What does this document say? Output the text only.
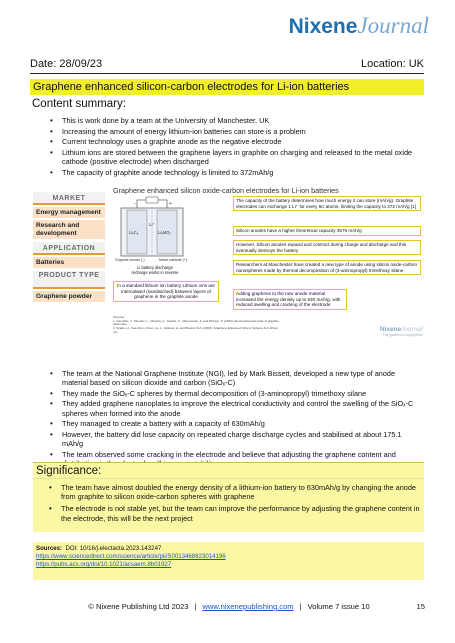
NixeneJournal
Date: 28/09/23	Location: UK
Graphene enhanced silicon-carbon electrodes for Li-ion batteries
Content summary:
• This is work done by a team at the University of Manchester, UK
• Increasing the amount of energy lithium-ion batteries can store is a problem
• Current technology uses a graphite anode as the negative electrode
• Lithium ions are stored between the graphene layers in graphite on charging and released to the metal oxide cathode (positive electrode) when discharged
• The capacity of graphite anode technology is limited to 372mAh/g
MARKET
Energy management
Research and development
APPLICATION
Batteries
PRODUCT TYPE
Graphene powder
Graphene enhanced silicon oxide-carbon electrodes for Li-ion batteries
-	+
Li⁺
LiₓC₆	LiₓMO₂
Graphite Anode (-)	Metal cathode (+)
Li battery discharge
recharge works in reverse
In a standard lithium ion battery Lithium ions are intercalated (sandwiched) between layers of graphene in the graphite anode
The capacity of the battery determines how much energy it can store (mAh/g). Graphite electrodes can exchange 1 Li⁺ for every 6C atoms, limiting the capacity to 372 mAh/g [1]
Silicon anodes have a higher theoretical capacity 3579 mAh/g
However, Silicon anodes expand and contract during charge and discharge and this eventually destroys the battery
Researchers at Manchester have created a new type of anode using silicon oxide-carbon nanospheres made by thermal decomposition of (3-aminopropyl) trimethoxy silane
Adding graphene to the new anode material increased the energy density up to 630 mAh/g, with reduced swelling and cracking of the electrode
Sources:
1. Carvalho, J., Mendes, L., Moreira, A., Jacobs, K., Meresmann, F. and Pinhero, P. (2023). Electrochemical study of graphite electrodes...
2. Scaife, H., Xue-Chen, Chen, Lu, L., Aldrees, H. and Bissett, M.A. (2023). Graphene Enhanced SiOₓ-C Spheres for Lithium Ion...	NixeneJournal
The graphic is copyright free
• The team at the National Graphene Institute (NGI), led by Mark Bissett, developed a new type of anode material based on silicon dioxide and carbon (SiOₓ-C)
• They made the SiOₓ-C spheres by thermal decomposition of (3-aminopropyl) trimethoxy silane
• They added graphene nanoplates to improve the electrical conductivity and control the swelling of the SiOₓ-C spheres when formed into the anode
• They managed to create a battery with a capacity of 630mAh/g
• However, the battery did lose capacity on repeated charge discharge cycles and stabilised at about 175.1 mAh/g
• The team observed some cracking in the electrode and believe that adjusting the graphene content and
Significance:
• The team have almost doubled the energy density of a lithium-ion battery to 630mAh/g by changing the anode from graphite to silicon oxide-carbon spheres with graphene
• The electrode is not stable yet, but the team can improve the performance by adjusting the graphene content in the electrode, this will be the next project
Sources: DOI: 10/16/j.electacta.2023.143247
https://www.sciencedirect.com/science/article/pii/S0013468623014196
https://pubs.acs.org/doi/10.1021/acsaem.8b01927
© Nixene Publishing Ltd 2023 | www.nixenepublishing.com | Volume 7 issue 10	15
